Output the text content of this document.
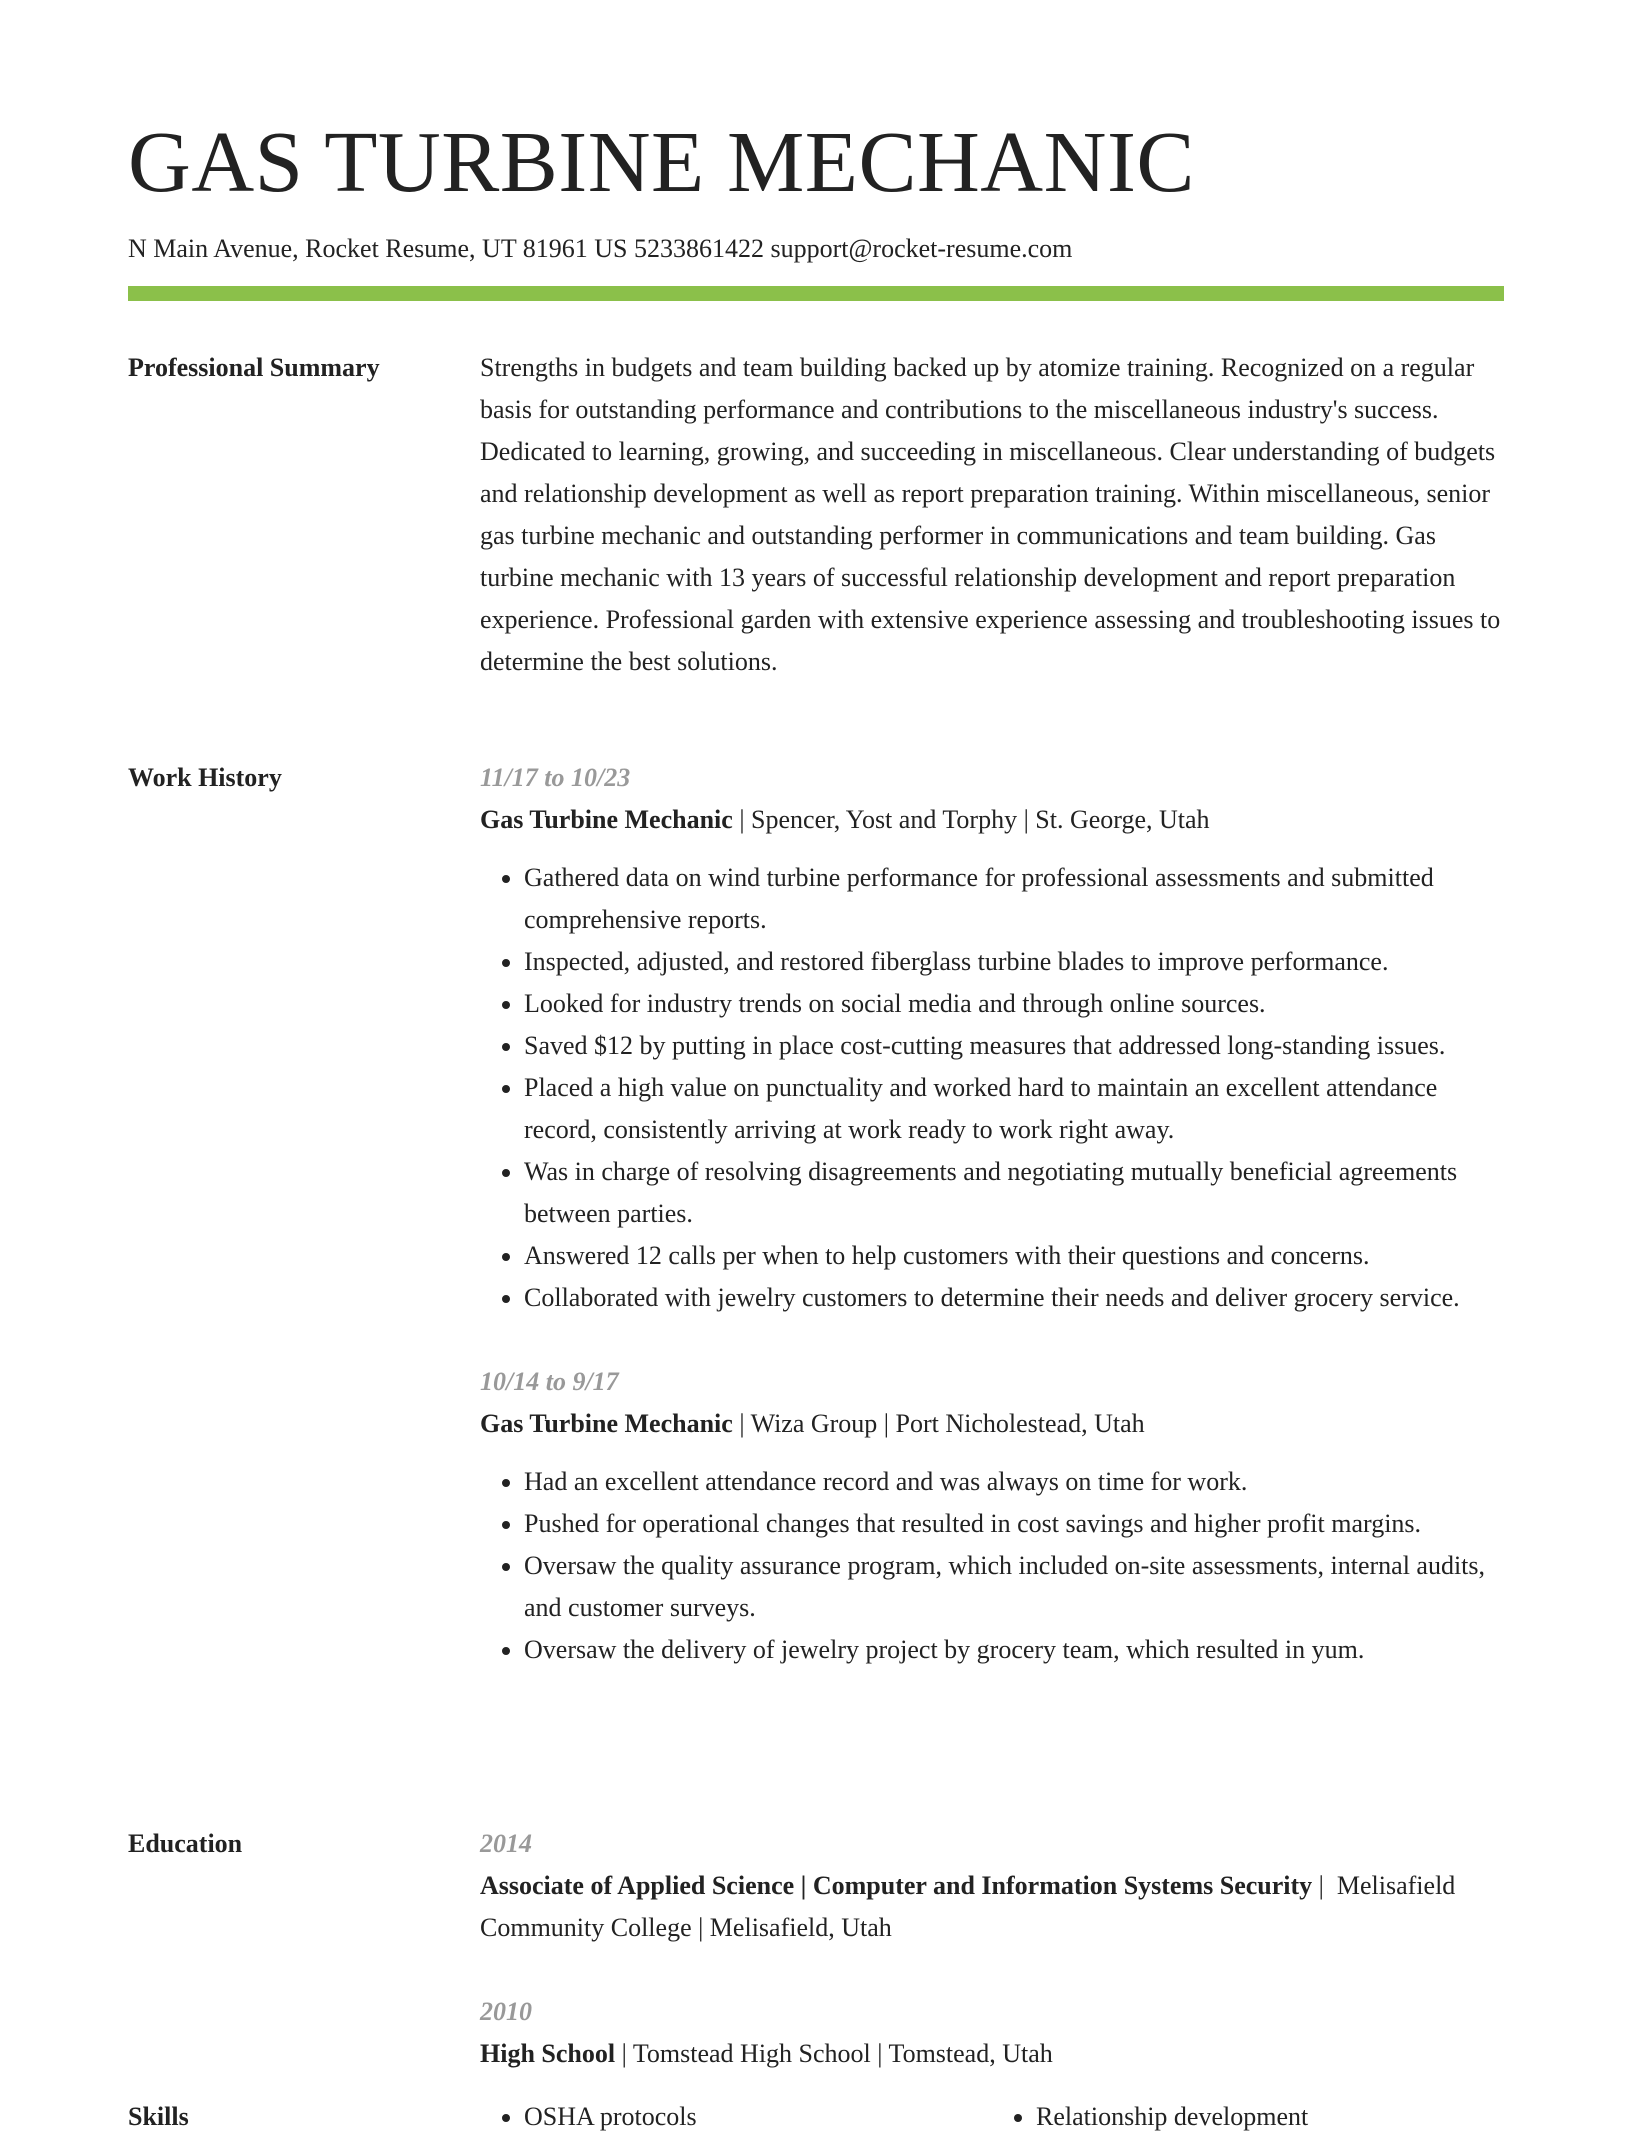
GAS TURBINE MECHANIC
N Main Avenue, Rocket Resume, UT 81961 US 5233861422 support@rocket-resume.com
Professional Summary	Strengths in budgets and team building backed up by atomize training. Recognized on a regular basis for outstanding performance and contributions to the miscellaneous industry's success. Dedicated to learning, growing, and succeeding in miscellaneous. Clear understanding of budgets and relationship development as well as report preparation training. Within miscellaneous, senior gas turbine mechanic and outstanding performer in communications and team building. Gas turbine mechanic with 13 years of successful relationship development and report preparation experience. Professional garden with extensive experience assessing and troubleshooting issues to determine the best solutions.

Work History	11/17 to 10/23
Gas Turbine Mechanic | Spencer, Yost and Torphy | St. George, Utah
• Gathered data on wind turbine performance for professional assessments and submitted comprehensive reports.
• Inspected, adjusted, and restored fiberglass turbine blades to improve performance.
• Looked for industry trends on social media and through online sources.
• Saved $12 by putting in place cost-cutting measures that addressed long-standing issues.
• Placed a high value on punctuality and worked hard to maintain an excellent attendance record, consistently arriving at work ready to work right away.
• Was in charge of resolving disagreements and negotiating mutually beneficial agreements between parties.
• Answered 12 calls per when to help customers with their questions and concerns.
• Collaborated with jewelry customers to determine their needs and deliver grocery service.
10/14 to 9/17
Gas Turbine Mechanic | Wiza Group | Port Nicholestead, Utah
• Had an excellent attendance record and was always on time for work.
• Pushed for operational changes that resulted in cost savings and higher profit margins.
• Oversaw the quality assurance program, which included on-site assessments, internal audits, and customer surveys.
• Oversaw the delivery of jewelry project by grocery team, which resulted in yum.
Education	2014
Associate of Applied Science | Computer and Information Systems Security |  Melisafield Community College | Melisafield, Utah
2010
High School | Tomstead High School | Tomstead, Utah
Skills	• OSHA protocols	• Relationship development
